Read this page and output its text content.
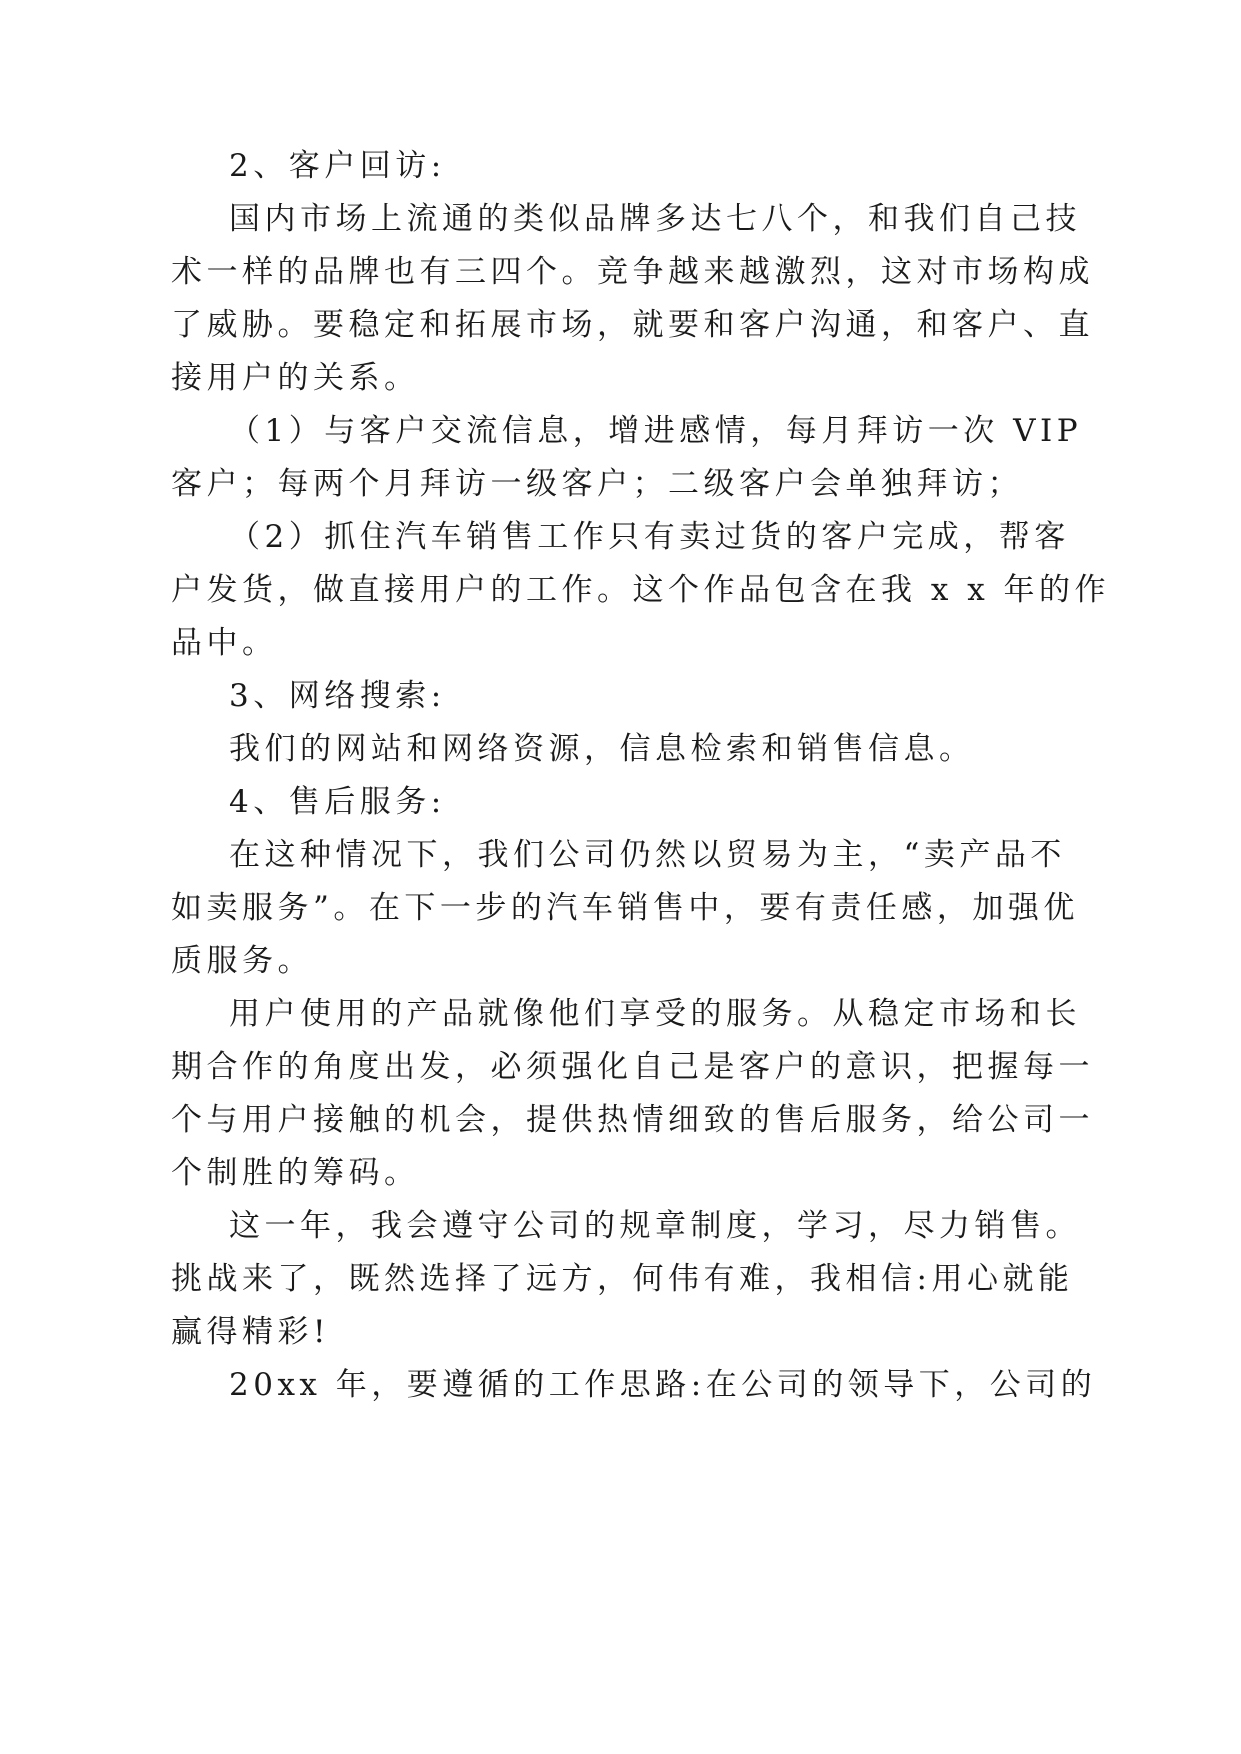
2、客户回访:

国内市场上流通的类似品牌多达七八个，和我们自己技

术一样的品牌也有三四个。竞争越来越激烈，这对市场构成

了威胁。要稳定和拓展市场，就要和客户沟通，和客户、直

接用户的关系。

（1）与客户交流信息，增进感情，每月拜访一次 VIP

客户；每两个月拜访一级客户；二级客户会单独拜访；

（2）抓住汽车销售工作只有卖过货的客户完成，帮客

户发货，做直接用户的工作。这个作品包含在我 x x 年的作

品中。

3、网络搜索:

我们的网站和网络资源，信息检索和销售信息。

4、售后服务:

在这种情况下，我们公司仍然以贸易为主，“卖产品不

如卖服务”。在下一步的汽车销售中，要有责任感，加强优

质服务。

用户使用的产品就像他们享受的服务。从稳定市场和长

期合作的角度出发，必须强化自己是客户的意识，把握每一

个与用户接触的机会，提供热情细致的售后服务，给公司一

个制胜的筹码。

这一年，我会遵守公司的规章制度，学习，尽力销售。

挑战来了，既然选择了远方，何伟有难，我相信:用心就能

赢得精彩!

20xx 年，要遵循的工作思路:在公司的领导下，公司的
